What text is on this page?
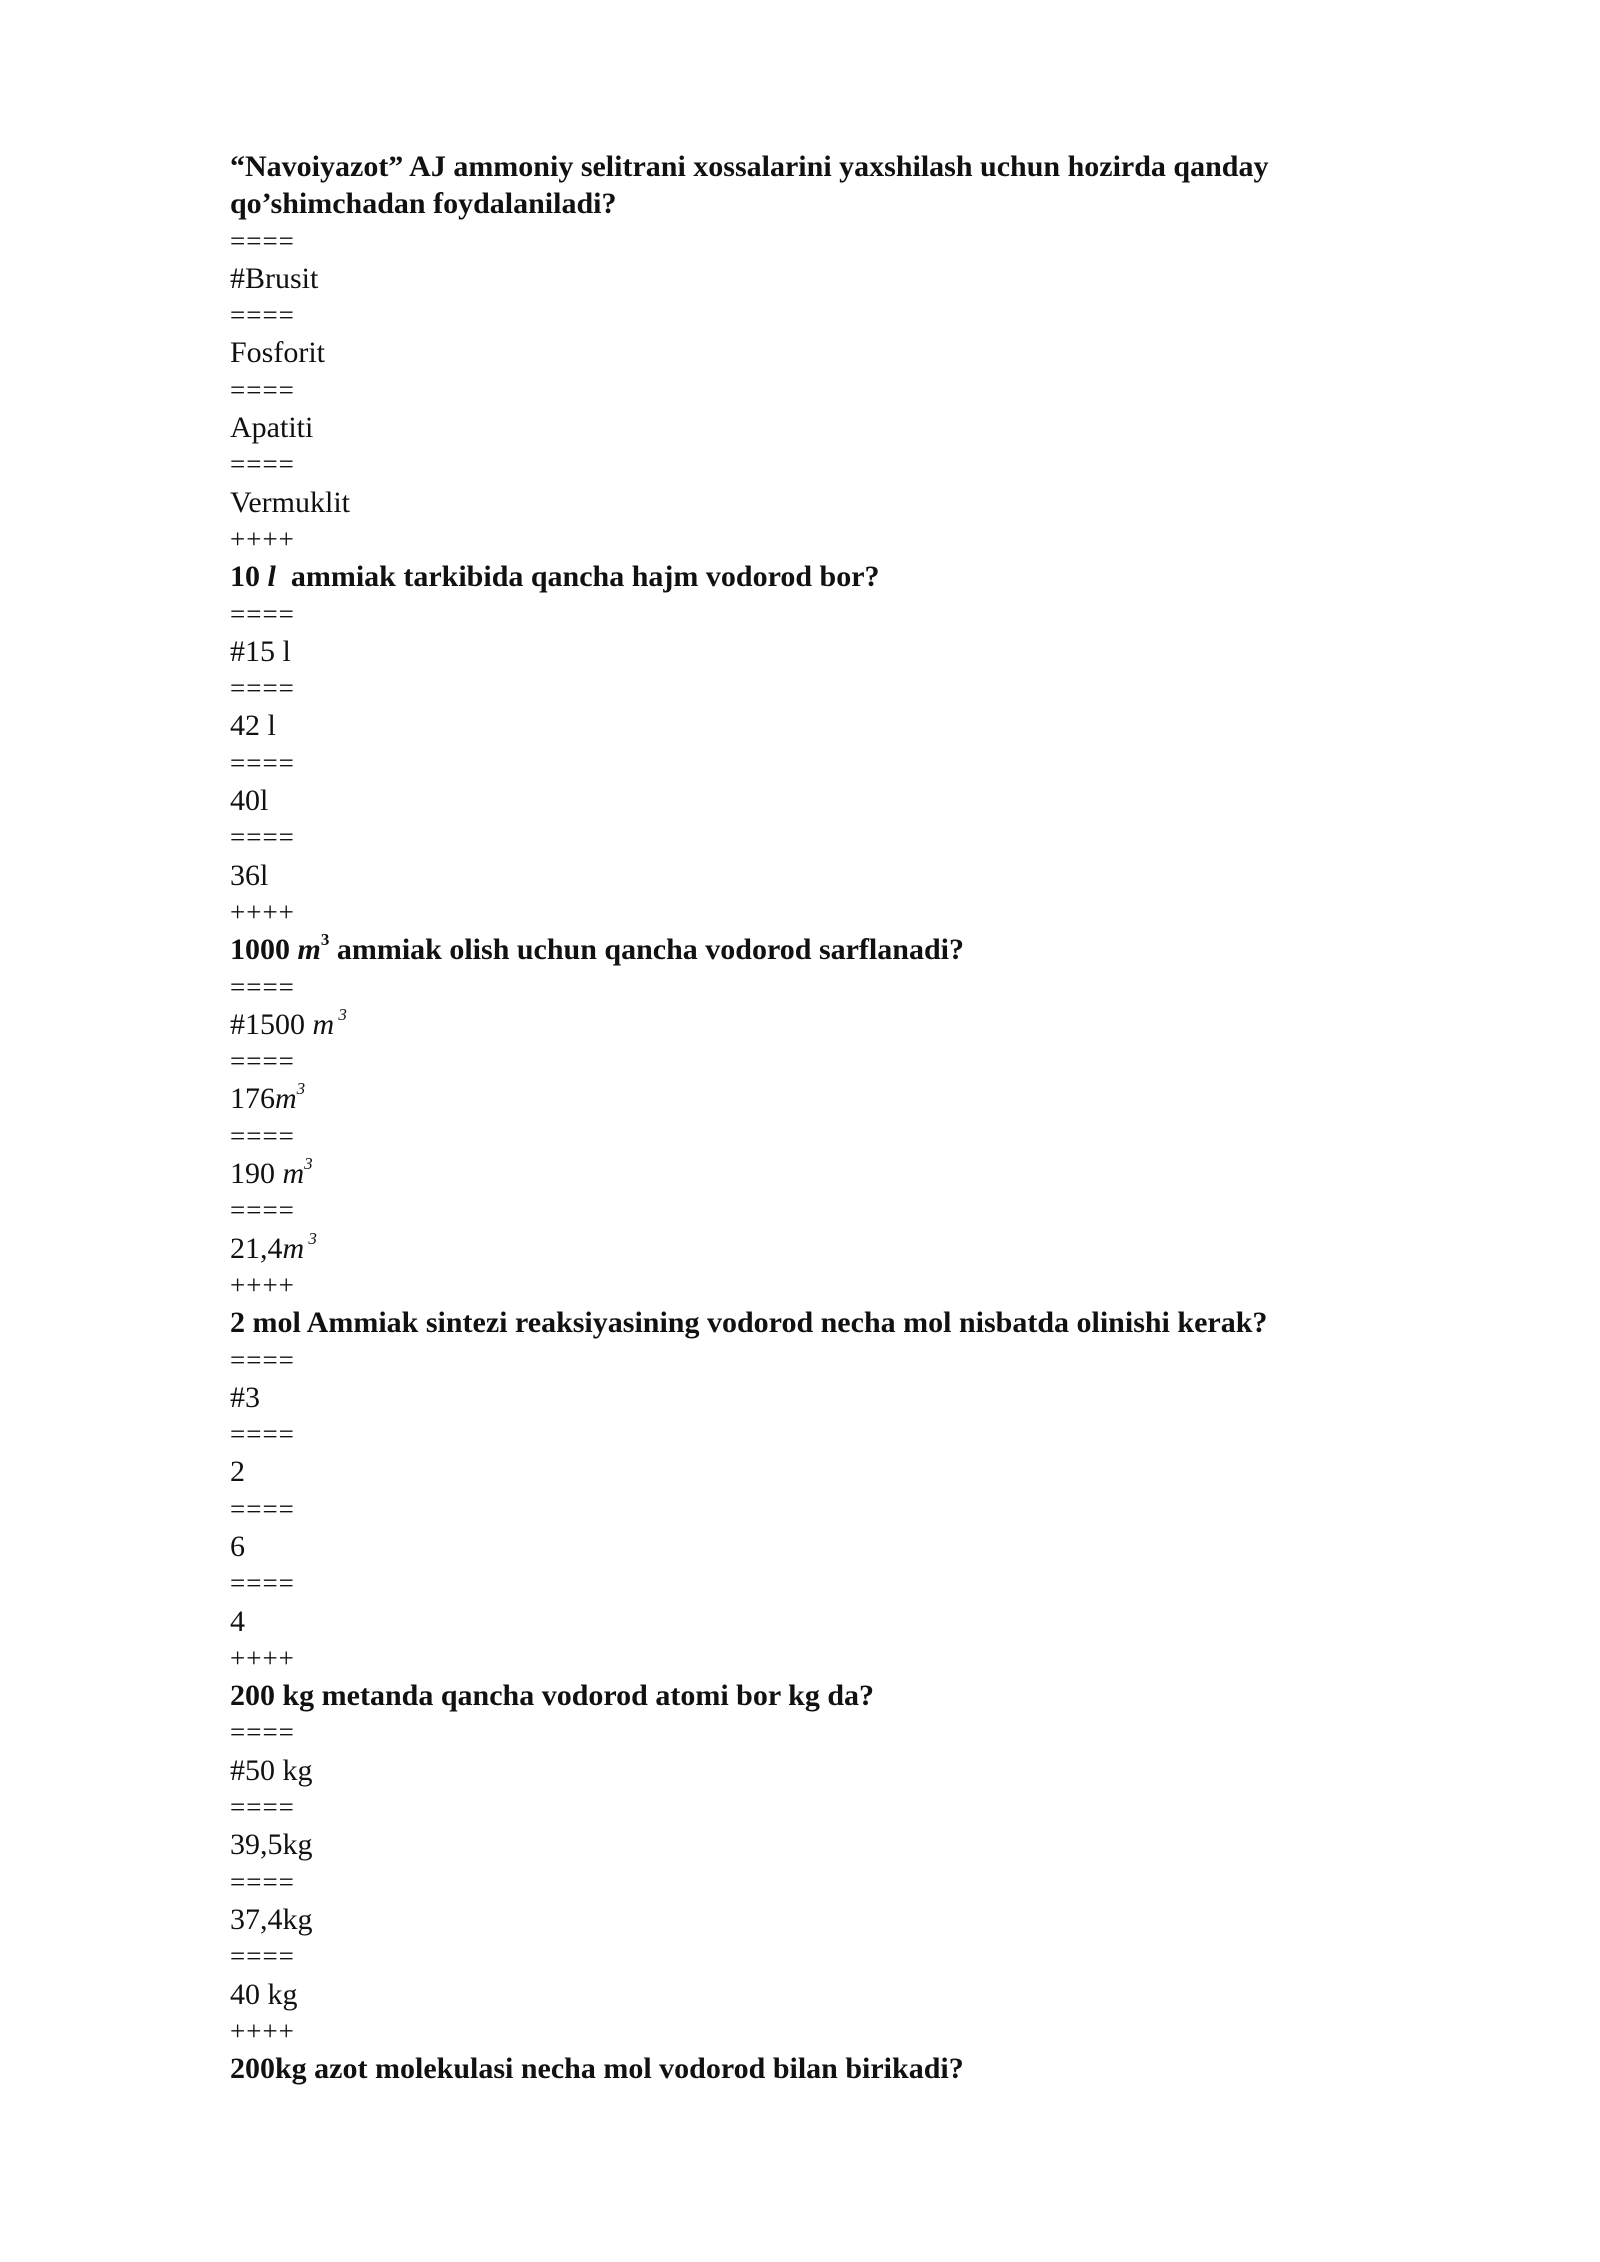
“Navoiyazot” AJ ammoniy selitrani xossalarini yaxshilash uchun hozirda qanday
qo’shimchadan foydalaniladi?
====
#Brusit
====
Fosforit
====
Apatiti
====
Vermuklit
++++
10 l  ammiak tarkibida qancha hajm vodorod bor?
====
#15 l
====
42 l
====
40l
====
36l
++++
1000 $m^3$ ammiak olish uchun qancha vodorod sarflanadi?
====
#1500 m $^3$
====
$176m^3$
====
190 $m^3$
====
21,4m $^3$
++++
2 mol Ammiak sintezi reaksiyasining vodorod necha mol nisbatda olinishi kerak?
====
#3
====
2
====
6
====
4
++++
200 kg metanda qancha vodorod atomi bor kg da?
====
#50 kg
====
39,5kg
====
37,4kg
====
40 kg
++++
200kg azot molekulasi necha mol vodorod bilan birikadi?
